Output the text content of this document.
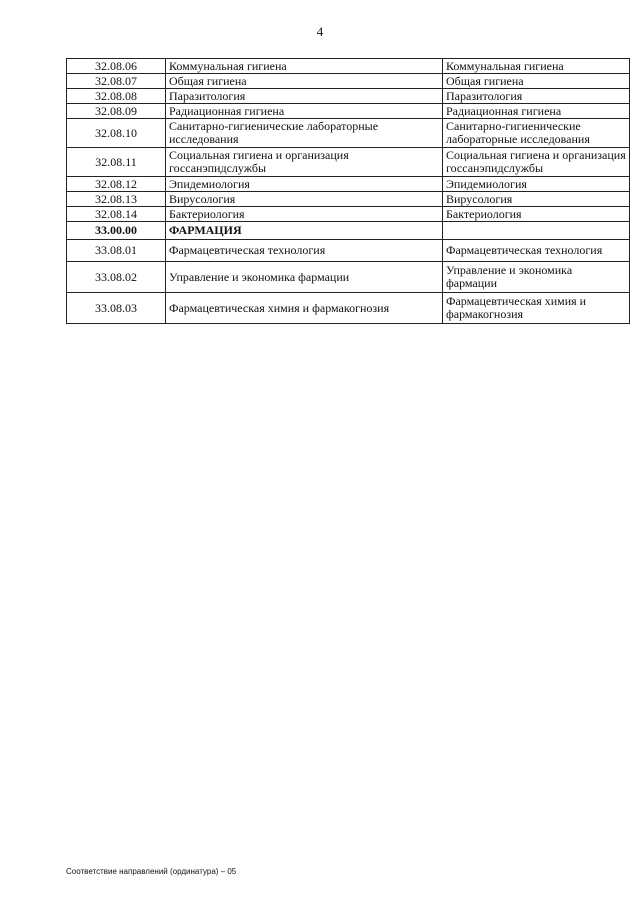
4
32.08.06	Коммунальная гигиена	Коммунальная гигиена
32.08.07	Общая гигиена	Общая гигиена
32.08.08	Паразитология	Паразитология
32.08.09	Радиационная гигиена	Радиационная гигиена
32.08.10	Санитарно-гигиенические лабораторные исследования	Санитарно-гигиенические лабораторные исследования
32.08.11	Социальная гигиена и организация госсанэпидслужбы	Социальная гигиена и организация госсанэпидслужбы
32.08.12	Эпидемиология	Эпидемиология
32.08.13	Вирусология	Вирусология
32.08.14	Бактериология	Бактериология
33.00.00	ФАРМАЦИЯ	
33.08.01	Фармацевтическая технология	Фармацевтическая технология
33.08.02	Управление и экономика фармации	Управление и экономика фармации
33.08.03	Фармацевтическая химия и фармакогнозия	Фармацевтическая химия и фармакогнозия
Соответствие направлений (ординатура) – 05
